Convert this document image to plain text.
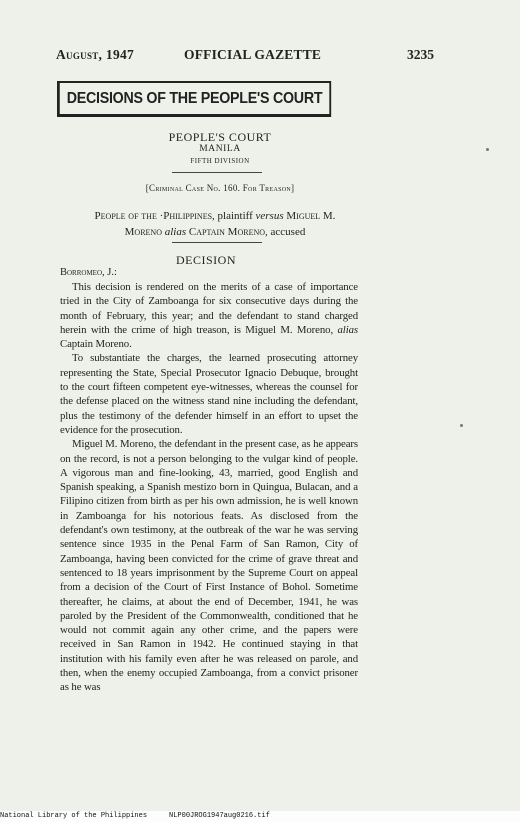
August, 1947	OFFICIAL GAZETTE	3235
DECISIONS OF THE PEOPLE'S COURT
PEOPLE'S COURT
MANILA
FIFTH DIVISION
[Criminal Case No. 160. For Treason]
People of the ·Philippines, plaintiff versus Miguel M.
Moreno alias Captain Moreno, accused
DECISION
Borromeo, J.:

This decision is rendered on the merits of a case of importance tried in the City of Zamboanga for six consecutive days during the month of February, this year; and the defendant to stand charged herein with the crime of high treason, is Miguel M. Moreno, alias Captain Moreno.

To substantiate the charges, the learned prosecuting attorney representing the State, Special Prosecutor Ignacio Debuque, brought to the court fifteen competent eye-witnesses, whereas the counsel for the defense placed on the witness stand nine including the defendant, plus the testimony of the defender himself in an effort to upset the evidence for the prosecution.

Miguel M. Moreno, the defendant in the present case, as he appears on the record, is not a person belonging to the vulgar kind of people. A vigorous man and fine-looking, 43, married, good English and Spanish speaking, a Spanish mestizo born in Quingua, Bulacan, and a Filipino citizen from birth as per his own admission, he is well known in Zamboanga for his notorious feats. As disclosed from the defendant's own testimony, at the outbreak of the war he was serving sentence since 1935 in the Penal Farm of San Ramon, City of Zamboanga, having been convicted for the crime of grave threat and sentenced to 18 years imprisonment by the Supreme Court on appeal from a decision of the Court of First Instance of Bohol. Sometime thereafter, he claims, at about the end of December, 1941, he was paroled by the President of the Commonwealth, conditioned that he would not commit again any other crime, and the papers were received in San Ramon in 1942. He continued staying in that institution with his family even after he was released on parole, and then, when the enemy occupied Zamboanga, from a convict prisoner as he was

National Library of the Philippines	NLP00JROG1947aug0216.tif
